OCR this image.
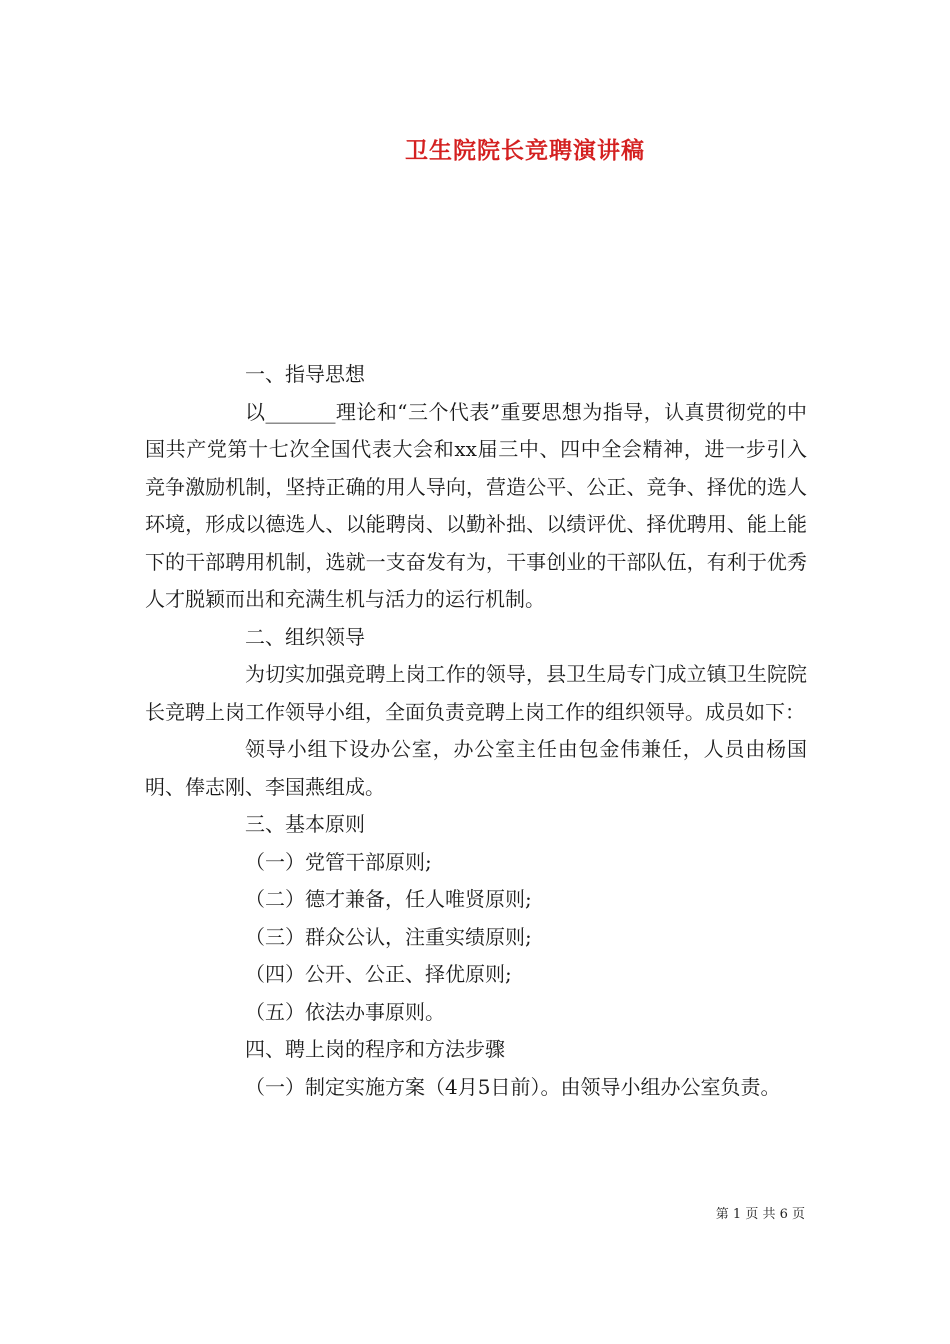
卫生院院长竞聘演讲稿

一、指导思想

以_______理论和“三个代表”重要思想为指导，认真贯彻党的中国共产党第十七次全国代表大会和xx届三中、四中全会精神，进一步引入竞争激励机制，坚持正确的用人导向，营造公平、公正、竞争、择优的选人环境，形成以德选人、以能聘岗、以勤补拙、以绩评优、择优聘用、能上能下的干部聘用机制，选就一支奋发有为，干事创业的干部队伍，有利于优秀人才脱颖而出和充满生机与活力的运行机制。

二、组织领导

为切实加强竞聘上岗工作的领导，县卫生局专门成立镇卫生院院长竞聘上岗工作领导小组，全面负责竞聘上岗工作的组织领导。成员如下：

领导小组下设办公室，办公室主任由包金伟兼任，人员由杨国明、俸志刚、李国燕组成。

三、基本原则

（一）党管干部原则;

（二）德才兼备，任人唯贤原则;

（三）群众公认，注重实绩原则;

（四）公开、公正、择优原则;

（五）依法办事原则。

四、聘上岗的程序和方法步骤

（一）制定实施方案（4月5日前）。由领导小组办公室负责。

第 1 页 共 6 页
